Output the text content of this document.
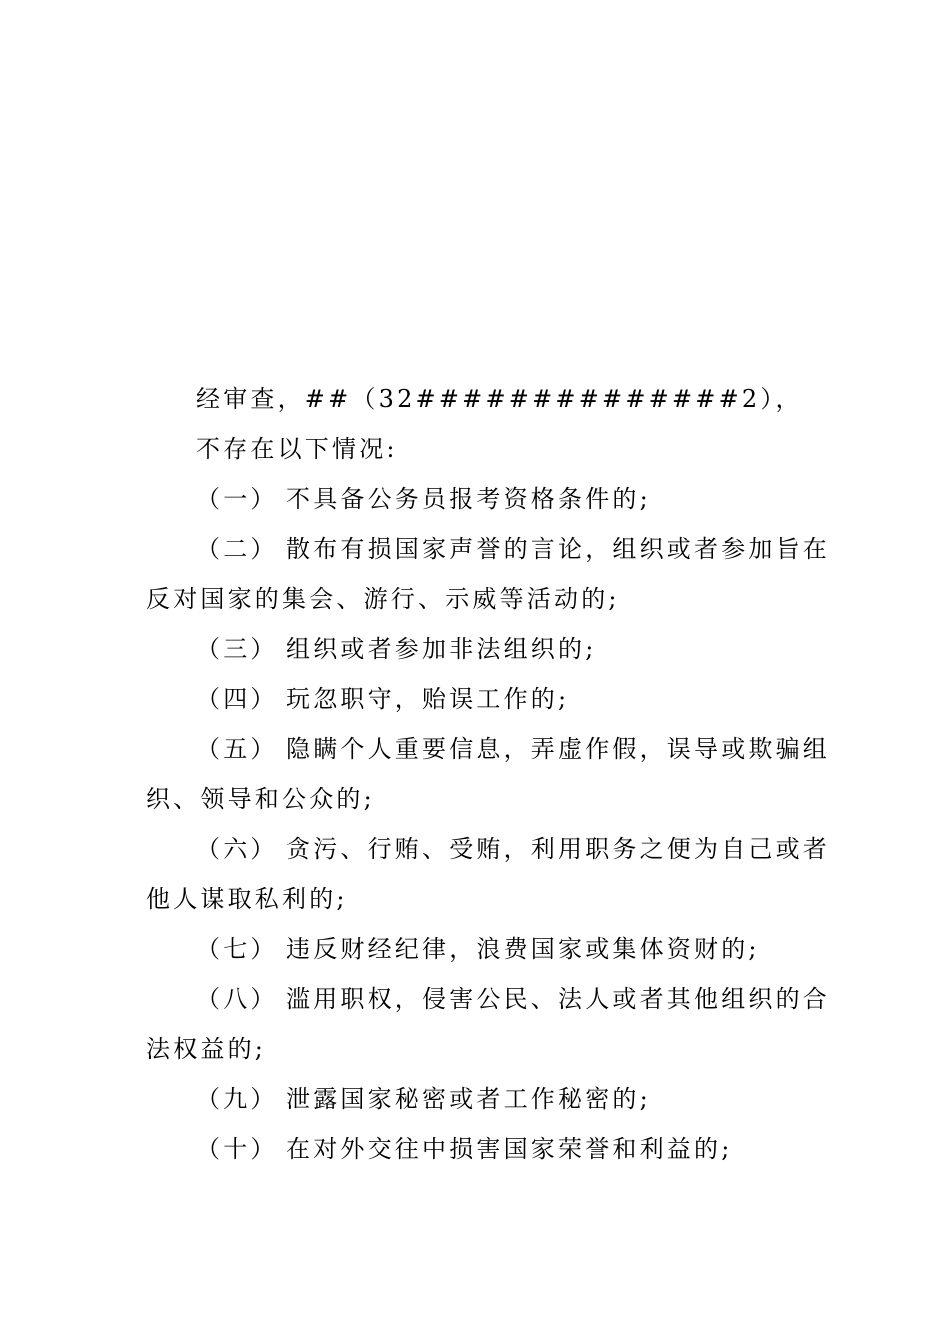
经审查，##（32##############2），
不存在以下情况:
（一） 不具备公务员报考资格条件的;
（二） 散布有损国家声誉的言论，组织或者参加旨在
反对国家的集会、游行、示威等活动的;
（三） 组织或者参加非法组织的;
（四） 玩忽职守，贻误工作的;
（五） 隐瞒个人重要信息，弄虚作假，误导或欺骗组
织、领导和公众的;
（六） 贪污、行贿、受贿，利用职务之便为自己或者
他人谋取私利的;
（七） 违反财经纪律，浪费国家或集体资财的;
（八） 滥用职权，侵害公民、法人或者其他组织的合
法权益的;
（九） 泄露国家秘密或者工作秘密的;
（十） 在对外交往中损害国家荣誉和利益的;
